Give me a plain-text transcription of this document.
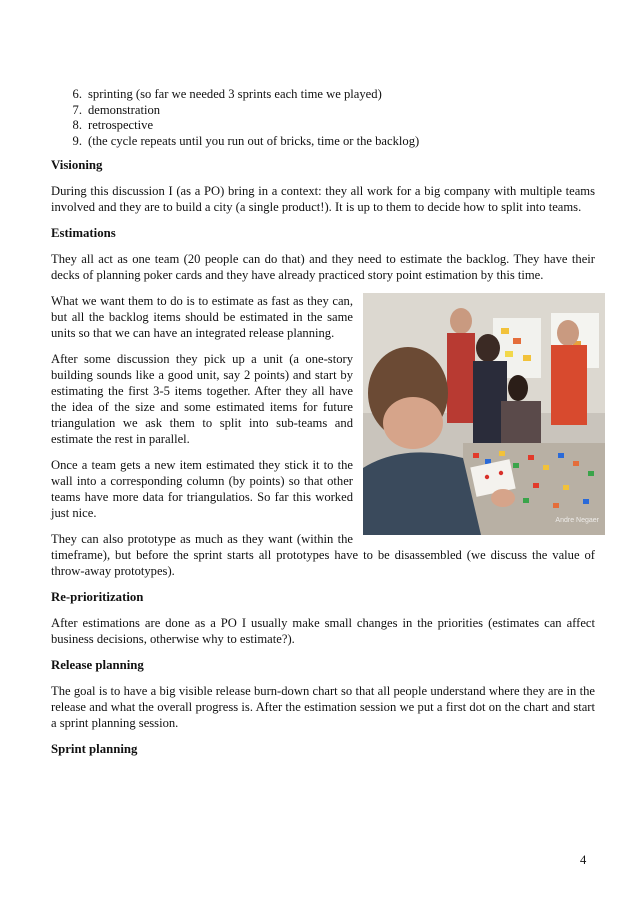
6. sprinting (so far we needed 3 sprints each time we played)
7. demonstration
8. retrospective
9. (the cycle repeats until you run out of bricks, time or the backlog)
Visioning

During this discussion I (as a PO) bring in a context: they all work for a big company with multiple teams involved and they are to build a city (a single product!). It is up to them to decide how to split into teams.

Estimations

They all act as one team (20 people can do that) and they need to estimate the backlog. They have their decks of planning poker cards and they have already practiced story point estimation by this time.

Andre Negaer

What we want them to do is to estimate as fast as they can, but all the backlog items should be estimated in the same units so that we can have an integrated release planning.

After some discussion they pick up a unit (a one-story building sounds like a good unit, say 2 points) and start by estimating the first 3-5 items together. After they all have the idea of the size and some estimated items for future triangulation we ask them to split into sub-teams and estimate the rest in parallel.

Once a team gets a new item estimated they stick it to the wall into a corresponding column (by points) so that other teams have more data for triangulatios. So far this worked just nice.

They can also prototype as much as they want (within the timeframe), but before the sprint starts all prototypes have to be disassembled (we discuss the value of throw-away prototypes).

Re-prioritization

After estimations are done as a PO I usually make small changes in the priorities (estimates can affect business decisions, otherwise why to estimate?).

Release planning

The goal is to have a big visible release burn-down chart so that all people understand where they are in the release and what the overall progress is. After the estimation session we put a first dot on the chart and start a sprint planning session.

Sprint planning
4
